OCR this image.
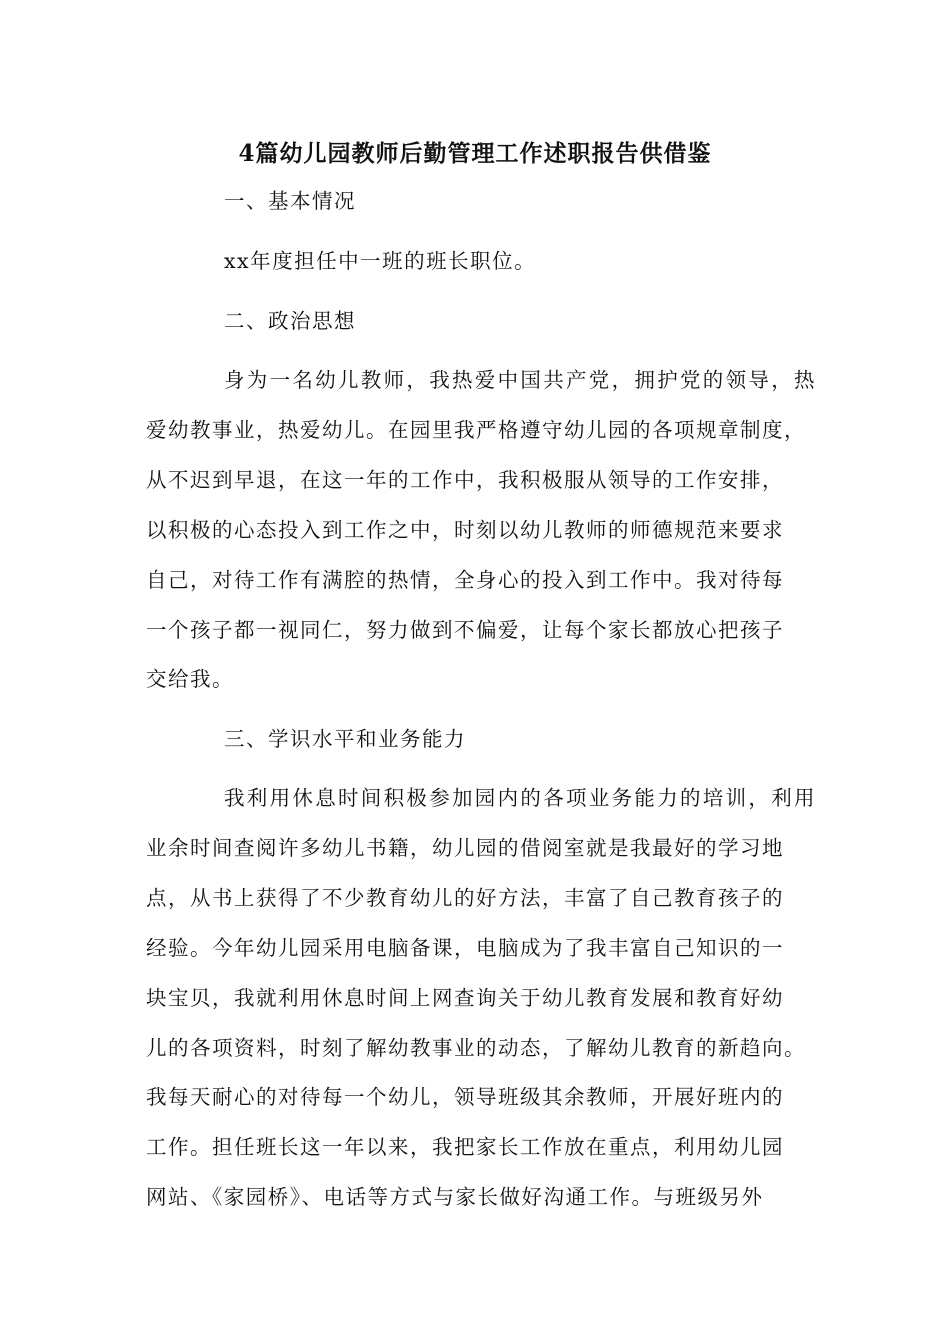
4篇幼儿园教师后勤管理工作述职报告供借鉴
一、基本情况
xx年度担任中一班的班长职位。
二、政治思想
身为一名幼儿教师，我热爱中国共产党，拥护党的领导，热
爱幼教事业，热爱幼儿。在园里我严格遵守幼儿园的各项规章制度，
从不迟到早退，在这一年的工作中，我积极服从领导的工作安排，
以积极的心态投入到工作之中，时刻以幼儿教师的师德规范来要求
自己，对待工作有满腔的热情，全身心的投入到工作中。我对待每
一个孩子都一视同仁，努力做到不偏爱，让每个家长都放心把孩子
交给我。
三、学识水平和业务能力
我利用休息时间积极参加园内的各项业务能力的培训，利用
业余时间查阅许多幼儿书籍，幼儿园的借阅室就是我最好的学习地
点，从书上获得了不少教育幼儿的好方法，丰富了自己教育孩子的
经验。今年幼儿园采用电脑备课，电脑成为了我丰富自己知识的一
块宝贝，我就利用休息时间上网查询关于幼儿教育发展和教育好幼
儿的各项资料，时刻了解幼教事业的动态，了解幼儿教育的新趋向。
我每天耐心的对待每一个幼儿，领导班级其余教师，开展好班内的
工作。担任班长这一年以来，我把家长工作放在重点，利用幼儿园
网站、《家园桥》、电话等方式与家长做好沟通工作。与班级另外
